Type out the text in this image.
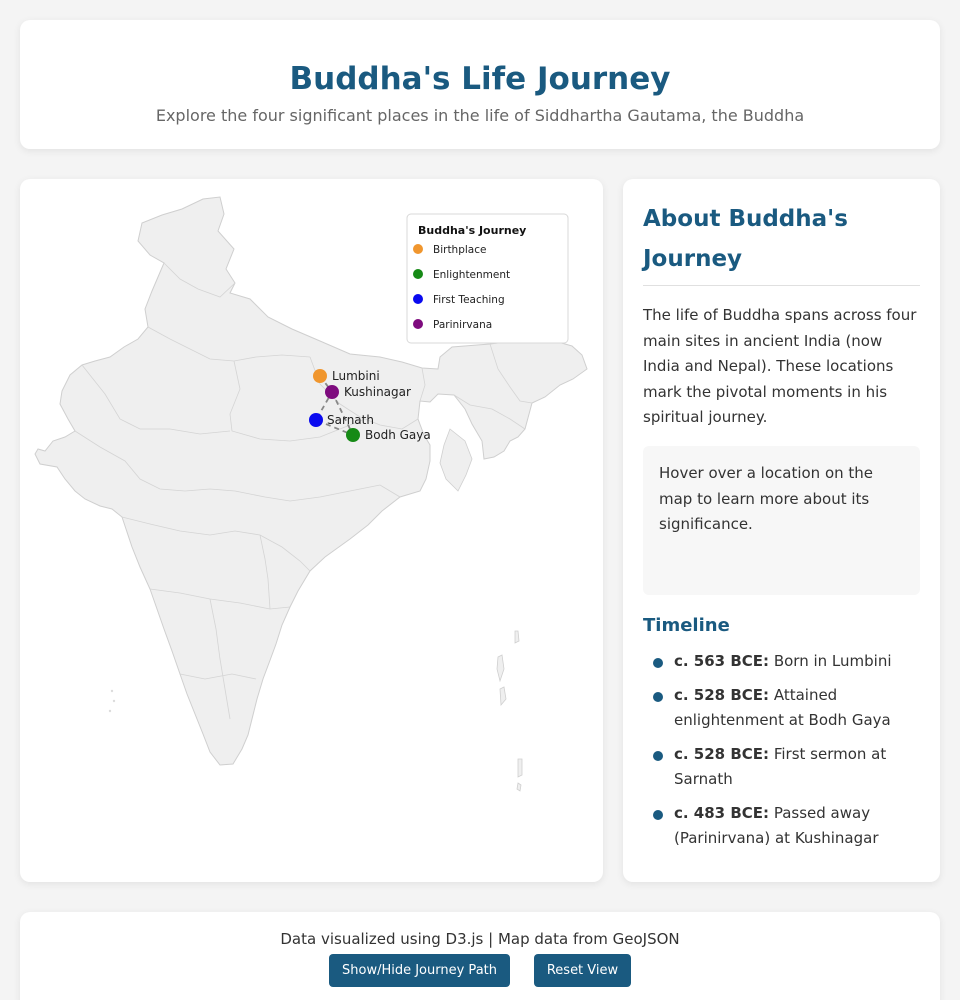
Buddha's Life Journey

Explore the four significant places in the life of Siddhartha Gautama, the Buddha

Lumbini
Kushinagar
Sarnath
Bodh Gaya
Buddha's Journey
Birthplace
Enlightenment
First Teaching
Parinirvana
About Buddha's Journey

The life of Buddha spans across four main sites in ancient India (now India and Nepal). These locations mark the pivotal moments in his spiritual journey.

Hover over a location on the map to learn more about its significance.
Timeline
c. 563 BCE: Born in Lumbini
c. 528 BCE: Attained enlightenment at Bodh Gaya
c. 528 BCE: First sermon at Sarnath
c. 483 BCE: Passed away (Parinirvana) at Kushinagar
Data visualized using D3.js | Map data from GeoJSON
Show/Hide Journey Path	Reset View
